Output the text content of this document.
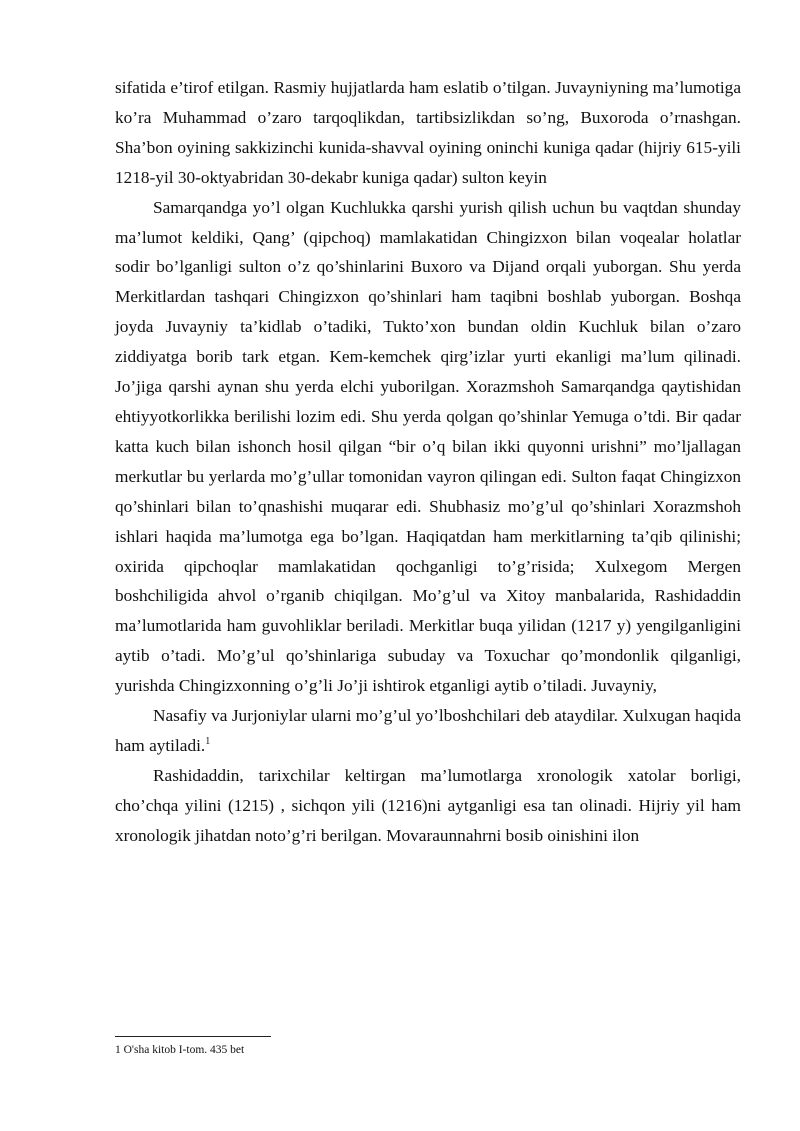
sifatida e’tirof etilgan. Rasmiy hujjatlarda ham eslatib o’tilgan. Juvayniyning ma’lumotiga ko’ra Muhammad o’zaro tarqoqlikdan, tartibsizlikdan so’ng, Buxoroda o’rnashgan. Sha’bon oyining sakkizinchi kunida-shavval oyining oninchi kuniga qadar (hijriy 615-yili 1218-yil 30-oktyabridan 30-dekabr kuniga qadar) sulton keyin

Samarqandga yo’l olgan Kuchlukka qarshi yurish qilish uchun bu vaqtdan shunday ma’lumot keldiki, Qang’ (qipchoq) mamlakatidan Chingizxon bilan voqealar holatlar sodir bo’lganligi sulton o’z qo’shinlarini Buxoro va Dijand orqali yuborgan. Shu yerda Merkitlardan tashqari Chingizxon qo’shinlari ham taqibni boshlab yuborgan. Boshqa joyda Juvayniy ta’kidlab o’tadiki, Tukto’xon bundan oldin Kuchluk bilan o’zaro ziddiyatga borib tark etgan. Kem-kemchek qirg’izlar yurti ekanligi ma’lum qilinadi. Jo’jiga qarshi aynan shu yerda elchi yuborilgan. Xorazmshoh Samarqandga qaytishidan ehtiyyotkorlikka berilishi lozim edi. Shu yerda qolgan qo’shinlar Yemuga o’tdi. Bir qadar katta kuch bilan ishonch hosil qilgan “bir o’q bilan ikki quyonni urishni” mo’ljallagan merkutlar bu yerlarda mo’g’ullar tomonidan vayron qilingan edi. Sulton faqat Chingizxon qo’shinlari bilan to’qnashishi muqarar edi. Shubhasiz mo’g’ul qo’shinlari Xorazmshoh ishlari haqida ma’lumotga ega bo’lgan. Haqiqatdan ham merkitlarning ta’qib qilinishi; oxirida qipchoqlar mamlakatidan qochganligi to’g’risida; Xulxegom Mergen boshchiligida ahvol o’rganib chiqilgan. Mo’g’ul va Xitoy manbalarida, Rashidaddin ma’lumotlarida ham guvohliklar beriladi. Merkitlar buqa yilidan (1217 y) yengilganligini aytib o’tadi. Mo’g’ul qo’shinlariga subuday va Toxuchar qo’mondonlik qilganligi, yurishda Chingizxonning o’g’li Jo’ji ishtirok etganligi aytib o’tiladi. Juvayniy,

Nasafiy va Jurjoniylar ularni mo’g’ul yo’lboshchilari deb ataydilar. Xulxugan haqida ham aytiladi.$^1$

Rashidaddin, tarixchilar keltirgan ma’lumotlarga xronologik xatolar borligi, cho’chqa yilini (1215) , sichqon yili (1216)ni aytganligi esa tan olinadi. Hijriy yil ham xronologik jihatdan noto’g’ri berilgan. Movaraunnahrni bosib oinishini ilon

1 O'sha kitob I-tom. 435 bet
